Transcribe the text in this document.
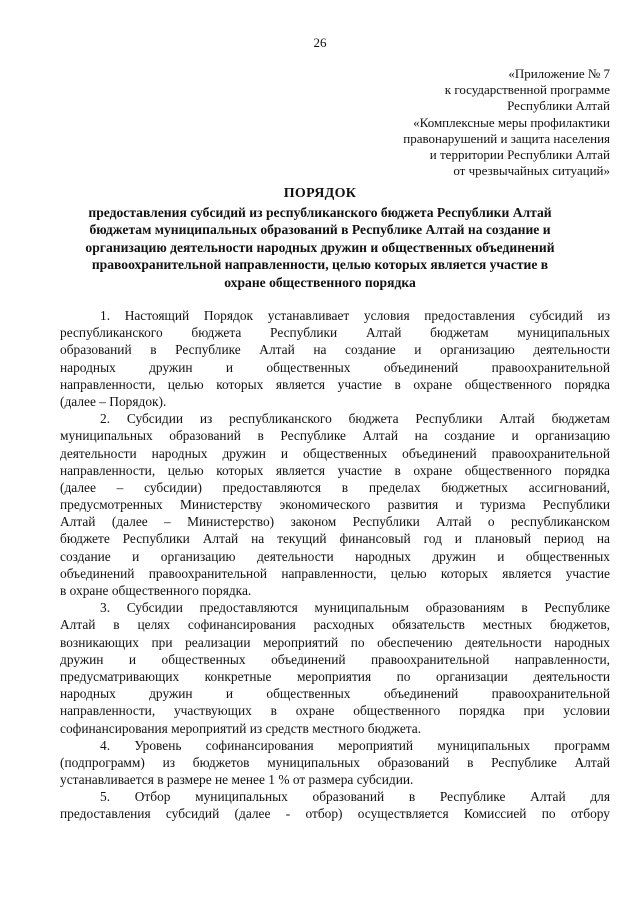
26
«Приложение № 7
к государственной программе
Республики Алтай
«Комплексные меры профилактики
правонарушений и защита населения
и территории Республики Алтай
от чрезвычайных ситуаций»
ПОРЯДОК
предоставления субсидий из республиканского бюджета Республики Алтай
бюджетам муниципальных образований в Республике Алтай на создание и
организацию деятельности народных дружин и общественных объединений
правоохранительной направленности, целью которых является участие в
охране общественного порядка
1. Настоящий Порядок устанавливает условия предоставления субсидий из
республиканского бюджета Республики Алтай бюджетам муниципальных
образований в Республике Алтай на создание и организацию деятельности
народных дружин и общественных объединений правоохранительной
направленности, целью которых является участие в охране общественного порядка
(далее – Порядок).
2. Субсидии из республиканского бюджета Республики Алтай бюджетам
муниципальных образований в Республике Алтай на создание и организацию
деятельности народных дружин и общественных объединений правоохранительной
направленности, целью которых является участие в охране общественного порядка
(далее – субсидии) предоставляются в пределах бюджетных ассигнований,
предусмотренных Министерству экономического развития и туризма Республики
Алтай (далее – Министерство) законом Республики Алтай о республиканском
бюджете Республики Алтай на текущий финансовый год и плановый период на
создание и организацию деятельности народных дружин и общественных
объединений правоохранительной направленности, целью которых является участие
в охране общественного порядка.
3. Субсидии предоставляются муниципальным образованиям в Республике
Алтай в целях софинансирования расходных обязательств местных бюджетов,
возникающих при реализации мероприятий по обеспечению деятельности народных
дружин и общественных объединений правоохранительной направленности,
предусматривающих конкретные мероприятия по организации деятельности
народных дружин и общественных объединений правоохранительной
направленности, участвующих в охране общественного порядка при условии
софинансирования мероприятий из средств местного бюджета.
4. Уровень софинансирования мероприятий муниципальных программ
(подпрограмм) из бюджетов муниципальных образований в Республике Алтай
устанавливается в размере не менее 1 % от размера субсидии.
5. Отбор муниципальных образований в Республике Алтай для
предоставления субсидий (далее - отбор) осуществляется Комиссией по отбору
